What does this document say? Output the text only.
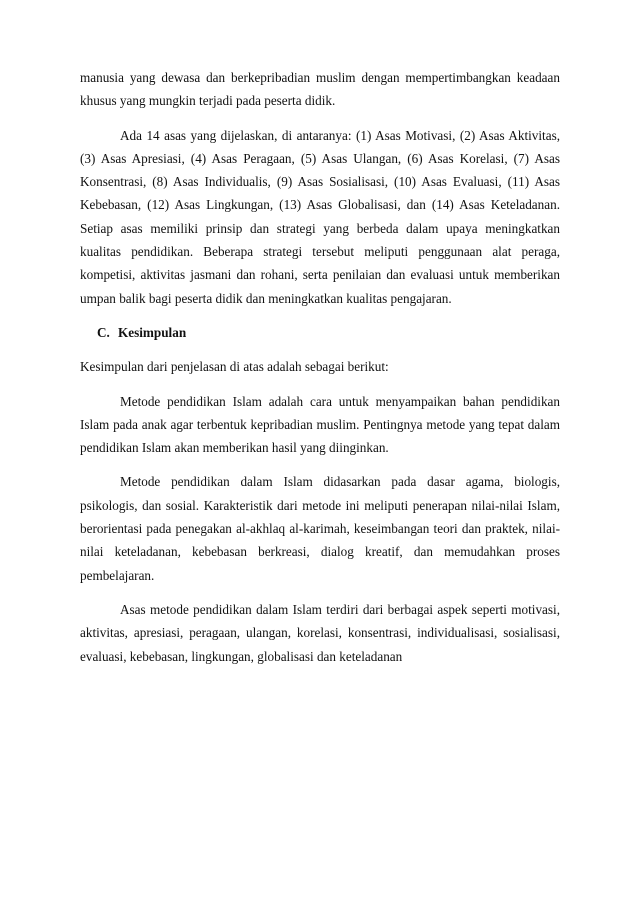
manusia yang dewasa dan berkepribadian muslim dengan mempertimbangkan keadaan khusus yang mungkin terjadi pada peserta didik.

Ada 14 asas yang dijelaskan, di antaranya: (1) Asas Motivasi, (2) Asas Aktivitas, (3) Asas Apresiasi, (4) Asas Peragaan, (5) Asas Ulangan, (6) Asas Korelasi, (7) Asas Konsentrasi, (8) Asas Individualis, (9) Asas Sosialisasi, (10) Asas Evaluasi, (11) Asas Kebebasan, (12) Asas Lingkungan, (13) Asas Globalisasi, dan (14) Asas Keteladanan. Setiap asas memiliki prinsip dan strategi yang berbeda dalam upaya meningkatkan kualitas pendidikan. Beberapa strategi tersebut meliputi penggunaan alat peraga, kompetisi, aktivitas jasmani dan rohani, serta penilaian dan evaluasi untuk memberikan umpan balik bagi peserta didik dan meningkatkan kualitas pengajaran.

C. Kesimpulan

Kesimpulan dari penjelasan di atas adalah sebagai berikut:

Metode pendidikan Islam adalah cara untuk menyampaikan bahan pendidikan Islam pada anak agar terbentuk kepribadian muslim. Pentingnya metode yang tepat dalam pendidikan Islam akan memberikan hasil yang diinginkan.

Metode pendidikan dalam Islam didasarkan pada dasar agama, biologis, psikologis, dan sosial. Karakteristik dari metode ini meliputi penerapan nilai-nilai Islam, berorientasi pada penegakan al-akhlaq al-karimah, keseimbangan teori dan praktek, nilai-nilai keteladanan, kebebasan berkreasi, dialog kreatif, dan memudahkan proses pembelajaran.

Asas metode pendidikan dalam Islam terdiri dari berbagai aspek seperti motivasi, aktivitas, apresiasi, peragaan, ulangan, korelasi, konsentrasi, individualisasi, sosialisasi, evaluasi, kebebasan, lingkungan, globalisasi dan keteladanan
